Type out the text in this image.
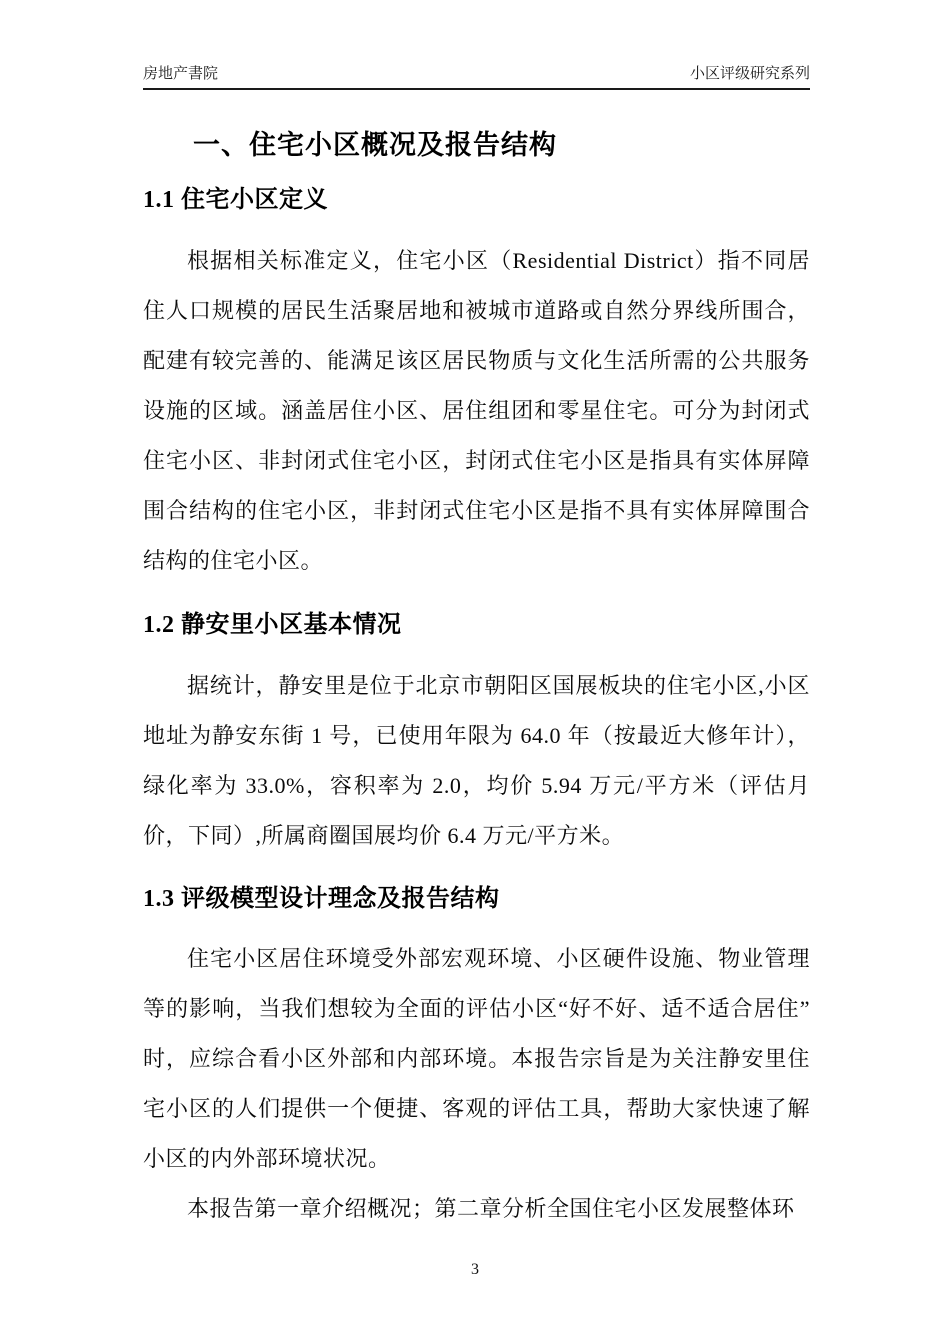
房地产書院	小区评级研究系列
一、住宅小区概况及报告结构
1.1 住宅小区定义

根据相关标准定义，住宅小区（Residential District）指不同居住人口规模的居民生活聚居地和被城市道路或自然分界线所围合，配建有较完善的、能满足该区居民物质与文化生活所需的公共服务设施的区域。涵盖居住小区、居住组团和零星住宅。可分为封闭式住宅小区、非封闭式住宅小区，封闭式住宅小区是指具有实体屏障围合结构的住宅小区，非封闭式住宅小区是指不具有实体屏障围合结构的住宅小区。

1.2 静安里小区基本情况

据统计，静安里是位于北京市朝阳区国展板块的住宅小区,小区地址为静安东街 1 号，已使用年限为 64.0 年（按最近大修年计），绿化率为 33.0%，容积率为 2.0，均价 5.94 万元/平方米（评估月价，下同）,所属商圈国展均价 6.4 万元/平方米。

1.3 评级模型设计理念及报告结构

住宅小区居住环境受外部宏观环境、小区硬件设施、物业管理等的影响，当我们想较为全面的评估小区“好不好、适不适合居住”时，应综合看小区外部和内部环境。本报告宗旨是为关注静安里住宅小区的人们提供一个便捷、客观的评估工具，帮助大家快速了解小区的内外部环境状况。

本报告第一章介绍概况；第二章分析全国住宅小区发展整体环

3
